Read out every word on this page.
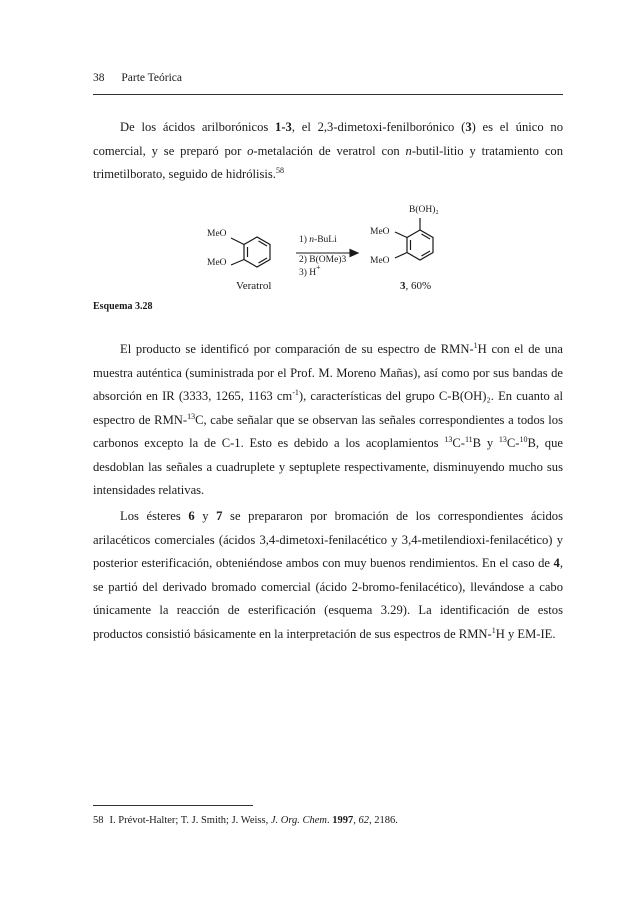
38 Parte Teórica

De los ácidos arilborónicos 1-3, el 2,3-dimetoxi-fenilborónico (3) es el único no comercial, y se preparó por o-metalación de veratrol con n-butil-litio y tratamiento con trimetilborato, seguido de hidrólisis.$^{58}$

MeO
MeO
Veratrol
1) n-BuLi
2) B(OMe)3
3) H+
B(OH)₂
MeO
MeO
3, 60%
Esquema 3.28

El producto se identificó por comparación de su espectro de RMN-$^1$H con el de una muestra auténtica (suministrada por el Prof. M. Moreno Mañas), así como por sus bandas de absorción en IR (3333, 1265, 1163 $cm^{-1}$), características del grupo C-B(OH)₂. En cuanto al espectro de RMN-$^{13}$C, cabe señalar que se observan las señales correspondientes a todos los carbonos excepto la de C-1. Esto es debido a los acoplamientos $^{13}$C-$^{11}$B y $^{13}$C-$^{10}$B, que desdoblan las señales a cuadruplete y septuplete respectivamente, disminuyendo mucho sus intensidades relativas.

Los ésteres 6 y 7 se prepararon por bromación de los correspondientes ácidos arilacéticos comerciales (ácidos 3,4-dimetoxi-fenilacético y 3,4-metilendioxi-fenilacético) y posterior esterificación, obteniéndose ambos con muy buenos rendimientos. En el caso de 4, se partió del derivado bromado comercial (ácido 2-bromo-fenilacético), llevándose a cabo únicamente la reacción de esterificación (esquema 3.29). La identificación de estos productos consistió básicamente en la interpretación de sus espectros de RMN-$^1$H y EM-IE.

58 I. Prévot-Halter; T. J. Smith; J. Weiss, J. Org. Chem. 1997, 62, 2186.
